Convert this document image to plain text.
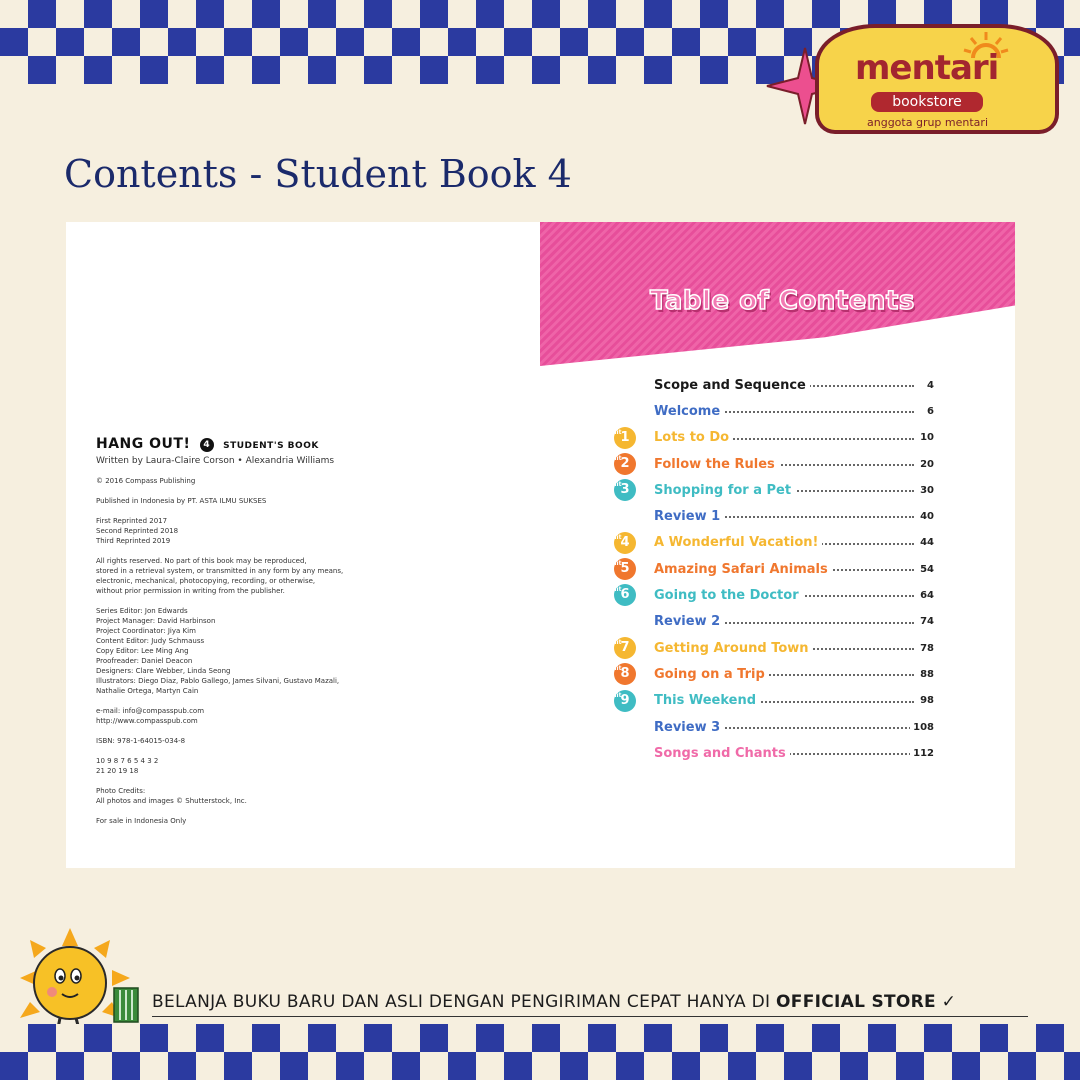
mentari
bookstore
anggota grup mentari
Contents - Student Book 4

HANG OUT! 4 STUDENT'S BOOK

Written by Laura-Claire Corson • Alexandria Williams

© 2016 Compass Publishing

Published in Indonesia by PT. ASTA ILMU SUKSES

First Reprinted 2017

Second Reprinted 2018

Third Reprinted 2019

All rights reserved. No part of this book may be reproduced,

stored in a retrieval system, or transmitted in any form by any means,

electronic, mechanical, photocopying, recording, or otherwise,

without prior permission in writing from the publisher.

Series Editor: Jon Edwards

Project Manager: David Harbinson

Project Coordinator: Jiya Kim

Content Editor: Judy Schmauss

Copy Editor: Lee Ming Ang

Proofreader: Daniel Deacon

Designers: Clare Webber, Linda Seong

Illustrators: Diego Diaz, Pablo Gallego, James Silvani, Gustavo Mazali,

Nathalie Ortega, Martyn Cain

e-mail: info@compasspub.com

http://www.compasspub.com

ISBN: 978-1-64015-034-8

10 9 8 7 6 5 4 3 2

21 20 19 18

Photo Credits:

All photos and images © Shutterstock, Inc.

For sale in Indonesia Only

Table of Contents
Scope and Sequence	4
Welcome	6
unit 1	Lots to Do	10
unit 2	Follow the Rules	20
unit 3	Shopping for a Pet	30
Review 1	40
unit 4	A Wonderful Vacation!	44
unit 5	Amazing Safari Animals	54
unit 6	Going to the Doctor	64
Review 2	74
unit 7	Getting Around Town	78
unit 8	Going on a Trip	88
unit 9	This Weekend	98
Review 3	108
Songs and Chants	112
BELANJA BUKU BARU DAN ASLI DENGAN PENGIRIMAN CEPAT HANYA DI OFFICIAL STORE ✓
